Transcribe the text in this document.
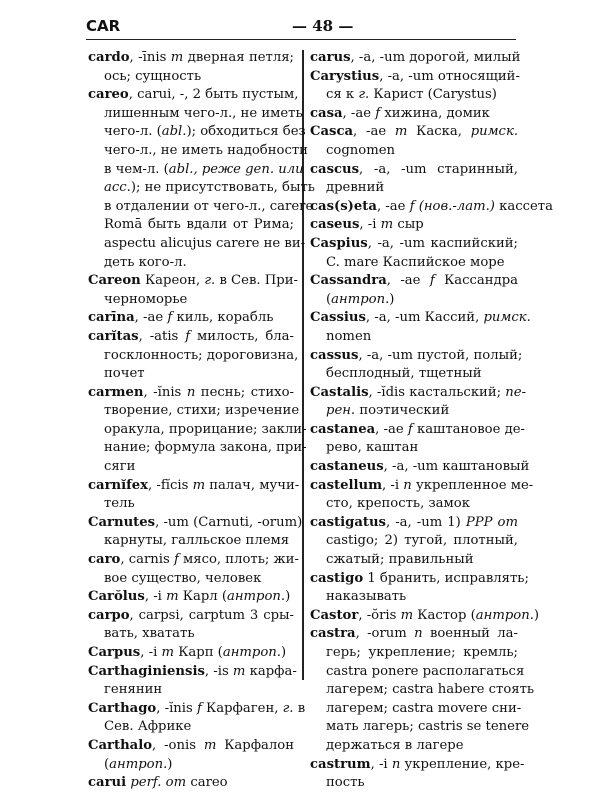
CAR	— 48 —
cardo, -īnis m дверная петля;
ось; сущность
careo, carui, -, 2 быть пустым,
лишенным чего-л., не иметь
чего-л. (abl.); обходиться без
чего-л., не иметь надобности
в чем-л. (abl., реже gen. или
acc.); не присутствовать, быть
в отдалении от чего-л., carere
Romā быть вдали от Рима;
aspectu alicujus carere не ви-
деть кого-л.
Careon Кареон, г. в Сев. При-
черноморье
carīna, -ae f киль, корабль
carĭtas, -atis f милость, бла-
госклонность; дороговизна,
почет
carmen, -ĭnis n песнь; стихо-
творение, стихи; изречение
оракула, прорицание; закли-
нание; формула закона, при-
сяги
carnĭfex, -fĭcis m палач, мучи-
тель
Carnutes, -um (Carnuti, -orum)
карнуты, галльское племя
caro, carnis f мясо, плоть; жи-
вое существо, человек
Carŏlus, -i m Карл (антроп.)
carpo, carpsi, carptum 3 сры-
вать, хватать
Carpus, -i m Карп (антроп.)
Carthaginiensis, -is m карфа-
генянин
Carthago, -ĭnis f Карфаген, г. в
Сев. Африке
Carthalo, -onis m Карфалон
(антроп.)
carui perf. от careo
carus, -a, -um дорогой, милый
Carystius, -a, -um относящий-
ся к г. Карист (Carystus)
casa, -ae f хижина, домик
Casca, -ae m Каска, римск.
cognomen
cascus, -a, -um старинный,
древний
cas(s)eta, -ae f (нов.-лат.) кассета
caseus, -i m сыр
Caspius, -a, -um каспийский;
C. mare Каспийское море
Cassandra, -ae f Кассандра
(антроп.)
Cassius, -a, -um Кассий, римск.
nomen
cassus, -a, -um пустой, полый;
бесплодный, тщетный
Castalis, -ĭdis кастальский; пе-
рен. поэтический
castanea, -ae f каштановое де-
рево, каштан
castaneus, -a, -um каштановый
castellum, -i n укрепленное ме-
сто, крепость, замок
castigatus, -a, -um 1) PPP от
castigo; 2) тугой, плотный,
сжатый; правильный
castigo 1 бранить, исправлять;
наказывать
Castor, -ŏris m Кастор (антроп.)
castra, -orum n военный ла-
герь; укрепление; кремль;
castra ponere располагаться
лагерем; castra habere стоять
лагерем; castra movere сни-
мать лагерь; castris se tenere
держаться в лагере
castrum, -i n укрепление, кре-
пость
